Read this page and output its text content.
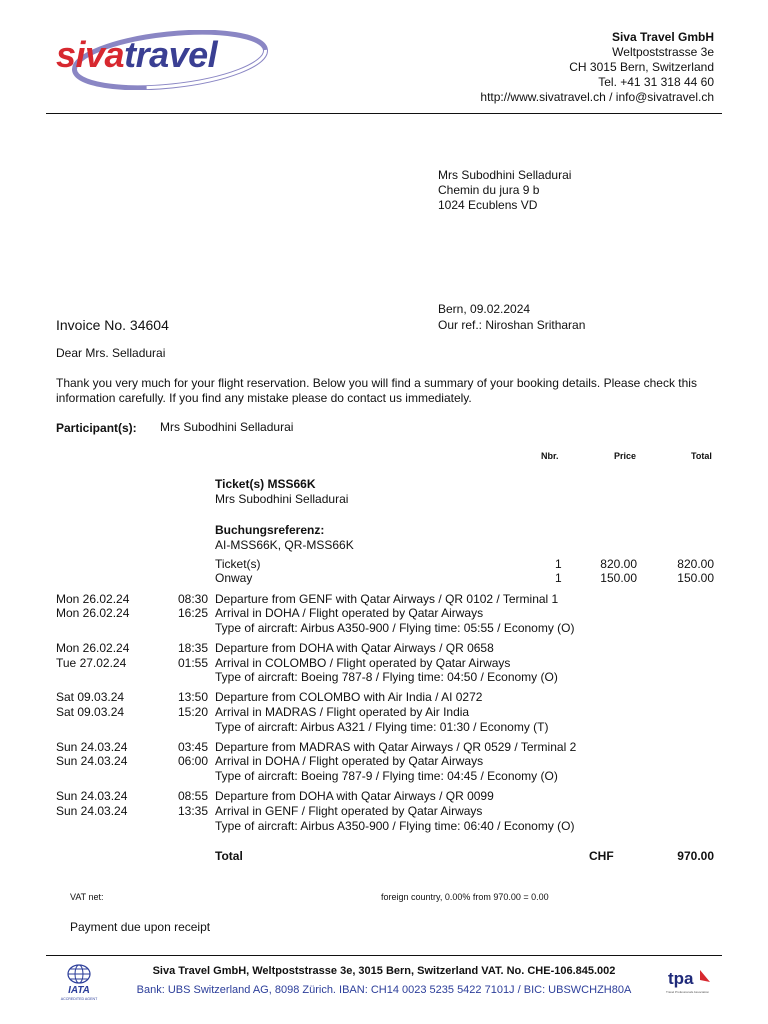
sivatravel	Siva Travel GmbH
Weltpoststrasse 3e
CH 3015 Bern, Switzerland
Tel. +41 31 318 44 60
http://www.sivatravel.ch / info@sivatravel.ch
Mrs Subodhini Selladurai
Chemin du jura 9 b
1024 Ecublens VD
Bern, 09.02.2024
Our ref.: Niroshan Sritharan
Invoice No. 34604
Dear Mrs. Selladurai
Thank you very much for your flight reservation. Below you will find a summary of your booking details. Please check this information carefully. If you find any mistake please do contact us immediately.
Participant(s): Mrs Subodhini Selladurai
Nbr.	Price	Total
Ticket(s) MSS66K
Mrs Subodhini Selladurai
Buchungsreferenz:
AI-MSS66K, QR-MSS66K
Ticket(s)	1	820.00	820.00
Onway	1	150.00	150.00
Mon 26.02.24	08:30 Departure from GENF with Qatar Airways / QR 0102 / Terminal 1
Mon 26.02.24	16:25 Arrival in DOHA / Flight operated by Qatar Airways
Type of aircraft: Airbus A350-900 / Flying time: 05:55 / Economy (O)
Mon 26.02.24	18:35 Departure from DOHA with Qatar Airways / QR 0658
Tue 27.02.24	01:55 Arrival in COLOMBO / Flight operated by Qatar Airways
Type of aircraft: Boeing 787-8 / Flying time: 04:50 / Economy (O)
Sat 09.03.24	13:50 Departure from COLOMBO with Air India / AI 0272
Sat 09.03.24	15:20 Arrival in MADRAS / Flight operated by Air India
Type of aircraft: Airbus A321 / Flying time: 01:30 / Economy (T)
Sun 24.03.24	03:45 Departure from MADRAS with Qatar Airways / QR 0529 / Terminal 2
Sun 24.03.24	06:00 Arrival in DOHA / Flight operated by Qatar Airways
Type of aircraft: Boeing 787-9 / Flying time: 04:45 / Economy (O)
Sun 24.03.24	08:55 Departure from DOHA with Qatar Airways / QR 0099
Sun 24.03.24	13:35 Arrival in GENF / Flight operated by Qatar Airways
Type of aircraft: Airbus A350-900 / Flying time: 06:40 / Economy (O)
Total	CHF	970.00
VAT net:	foreign country, 0.00% from 970.00 = 0.00
Payment due upon receipt
IATA
ACCREDITED AGENT
Siva Travel GmbH, Weltpoststrasse 3e, 3015 Bern, Switzerland VAT. No. CHE-106.845.002
Bank: UBS Switzerland AG, 8098 Zürich. IBAN: CH14 0023 5235 5422 7101J / BIC: UBSWCHZH80A
tpa
Travel Professionals Association
